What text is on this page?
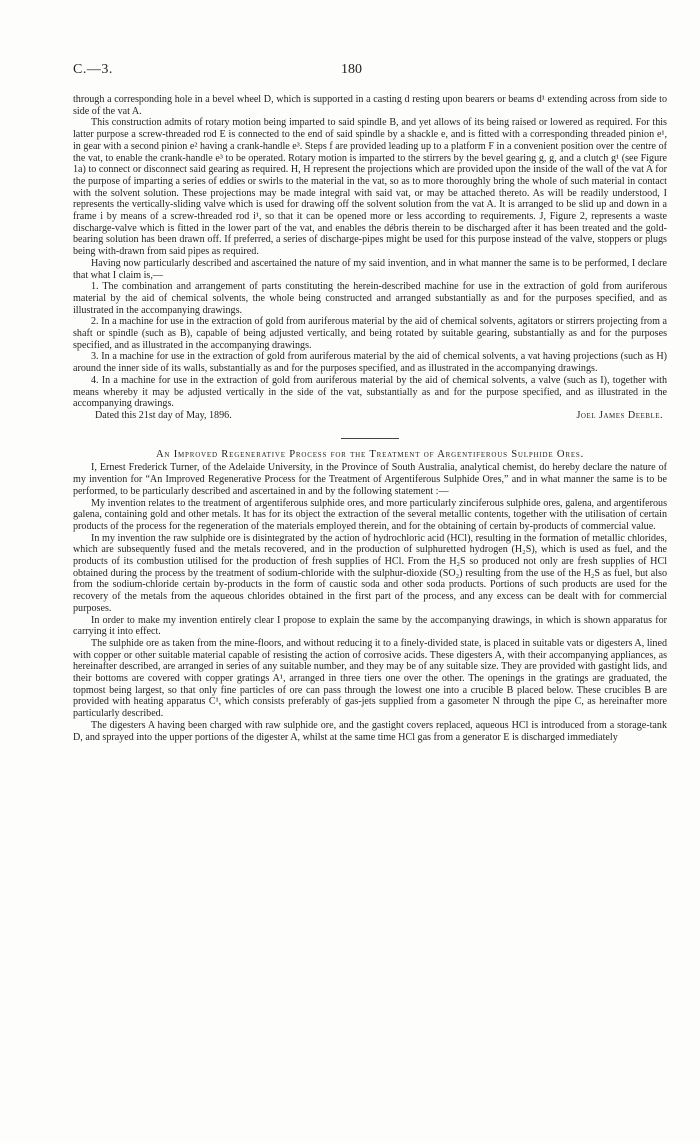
C.—3.	180

through a corresponding hole in a bevel wheel D, which is supported in a casting d resting upon bearers or beams d¹ extending across from side to side of the vat A.

This construction admits of rotary motion being imparted to said spindle B, and yet allows of its being raised or lowered as required. For this latter purpose a screw-threaded rod E is connected to the end of said spindle by a shackle e, and is fitted with a corresponding threaded pinion e¹, in gear with a second pinion e² having a crank-handle e³. Steps f are provided leading up to a platform F in a convenient position over the centre of the vat, to enable the crank-handle e³ to be operated. Rotary motion is imparted to the stirrers by the bevel gearing g, g, and a clutch g¹ (see Figure 1a) to connect or disconnect said gearing as required. H, H represent the projections which are provided upon the inside of the wall of the vat A for the purpose of imparting a series of eddies or swirls to the material in the vat, so as to more thoroughly bring the whole of such material in contact with the solvent solution. These projections may be made integral with said vat, or may be attached thereto. As will be readily understood, I represents the vertically-sliding valve which is used for drawing off the solvent solution from the vat A. It is arranged to be slid up and down in a frame i by means of a screw-threaded rod i¹, so that it can be opened more or less according to requirements. J, Figure 2, represents a waste discharge-valve which is fitted in the lower part of the vat, and enables the débris therein to be discharged after it has been treated and the gold-bearing solution has been drawn off. If preferred, a series of discharge-pipes might be used for this purpose instead of the valve, stoppers or plugs being with-drawn from said pipes as required.

Having now particularly described and ascertained the nature of my said invention, and in what manner the same is to be performed, I declare that what I claim is,—

1. The combination and arrangement of parts constituting the herein-described machine for use in the extraction of gold from auriferous material by the aid of chemical solvents, the whole being constructed and arranged substantially as and for the purposes specified, and as illustrated in the accompanying drawings.

2. In a machine for use in the extraction of gold from auriferous material by the aid of chemical solvents, agitators or stirrers projecting from a shaft or spindle (such as B), capable of being adjusted vertically, and being rotated by suitable gearing, substantially as and for the purposes specified, and as illustrated in the accompanying drawings.

3. In a machine for use in the extraction of gold from auriferous material by the aid of chemical solvents, a vat having projections (such as H) around the inner side of its walls, substantially as and for the purposes specified, and as illustrated in the accompanying drawings.

4. In a machine for use in the extraction of gold from auriferous material by the aid of chemical solvents, a valve (such as I), together with means whereby it may be adjusted vertically in the side of the vat, substantially as and for the purpose specified, and as illustrated in the accompanying drawings.

Dated this 21st day of May, 1896.	Joel James Deeble.
An Improved Regenerative Process for the Treatment of Argentiferous Sulphide Ores.

I, Ernest Frederick Turner, of the Adelaide University, in the Province of South Australia, analytical chemist, do hereby declare the nature of my invention for “An Improved Regenerative Process for the Treatment of Argentiferous Sulphide Ores,” and in what manner the same is to be performed, to be particularly described and ascertained in and by the following statement :—

My invention relates to the treatment of argentiferous sulphide ores, and more particularly zinciferous sulphide ores, galena, and argentiferous galena, containing gold and other metals. It has for its object the extraction of the several metallic contents, together with the utilisation of certain products of the process for the regeneration of the materials employed therein, and for the obtaining of certain by-products of commercial value.

In my invention the raw sulphide ore is disintegrated by the action of hydrochloric acid (HCl), resulting in the formation of metallic chlorides, which are subsequently fused and the metals recovered, and in the production of sulphuretted hydrogen (H₂S), which is used as fuel, and the products of its combustion utilised for the production of fresh supplies of HCl. From the H₂S so produced not only are fresh supplies of HCl obtained during the process by the treatment of sodium-chloride with the sulphur-dioxide (SO₂) resulting from the use of the H₂S as fuel, but also from the sodium-chloride certain by-products in the form of caustic soda and other soda products. Portions of such products are used for the recovery of the metals from the aqueous chlorides obtained in the first part of the process, and any excess can be dealt with for commercial purposes.

In order to make my invention entirely clear I propose to explain the same by the accompanying drawings, in which is shown apparatus for carrying it into effect.

The sulphide ore as taken from the mine-floors, and without reducing it to a finely-divided state, is placed in suitable vats or digesters A, lined with copper or other suitable material capable of resisting the action of corrosive acids. These digesters A, with their accompanying appliances, as hereinafter described, are arranged in series of any suitable number, and they may be of any suitable size. They are provided with gastight lids, and their bottoms are covered with copper gratings A¹, arranged in three tiers one over the other. The openings in the gratings are graduated, the topmost being largest, so that only fine particles of ore can pass through the lowest one into a crucible B placed below. These crucibles B are provided with heating apparatus C¹, which consists preferably of gas-jets supplied from a gasometer N through the pipe C, as hereinafter more particularly described.

The digesters A having been charged with raw sulphide ore, and the gastight covers replaced, aqueous HCl is introduced from a storage-tank D, and sprayed into the upper portions of the digester A, whilst at the same time HCl gas from a generator E is discharged immediately
